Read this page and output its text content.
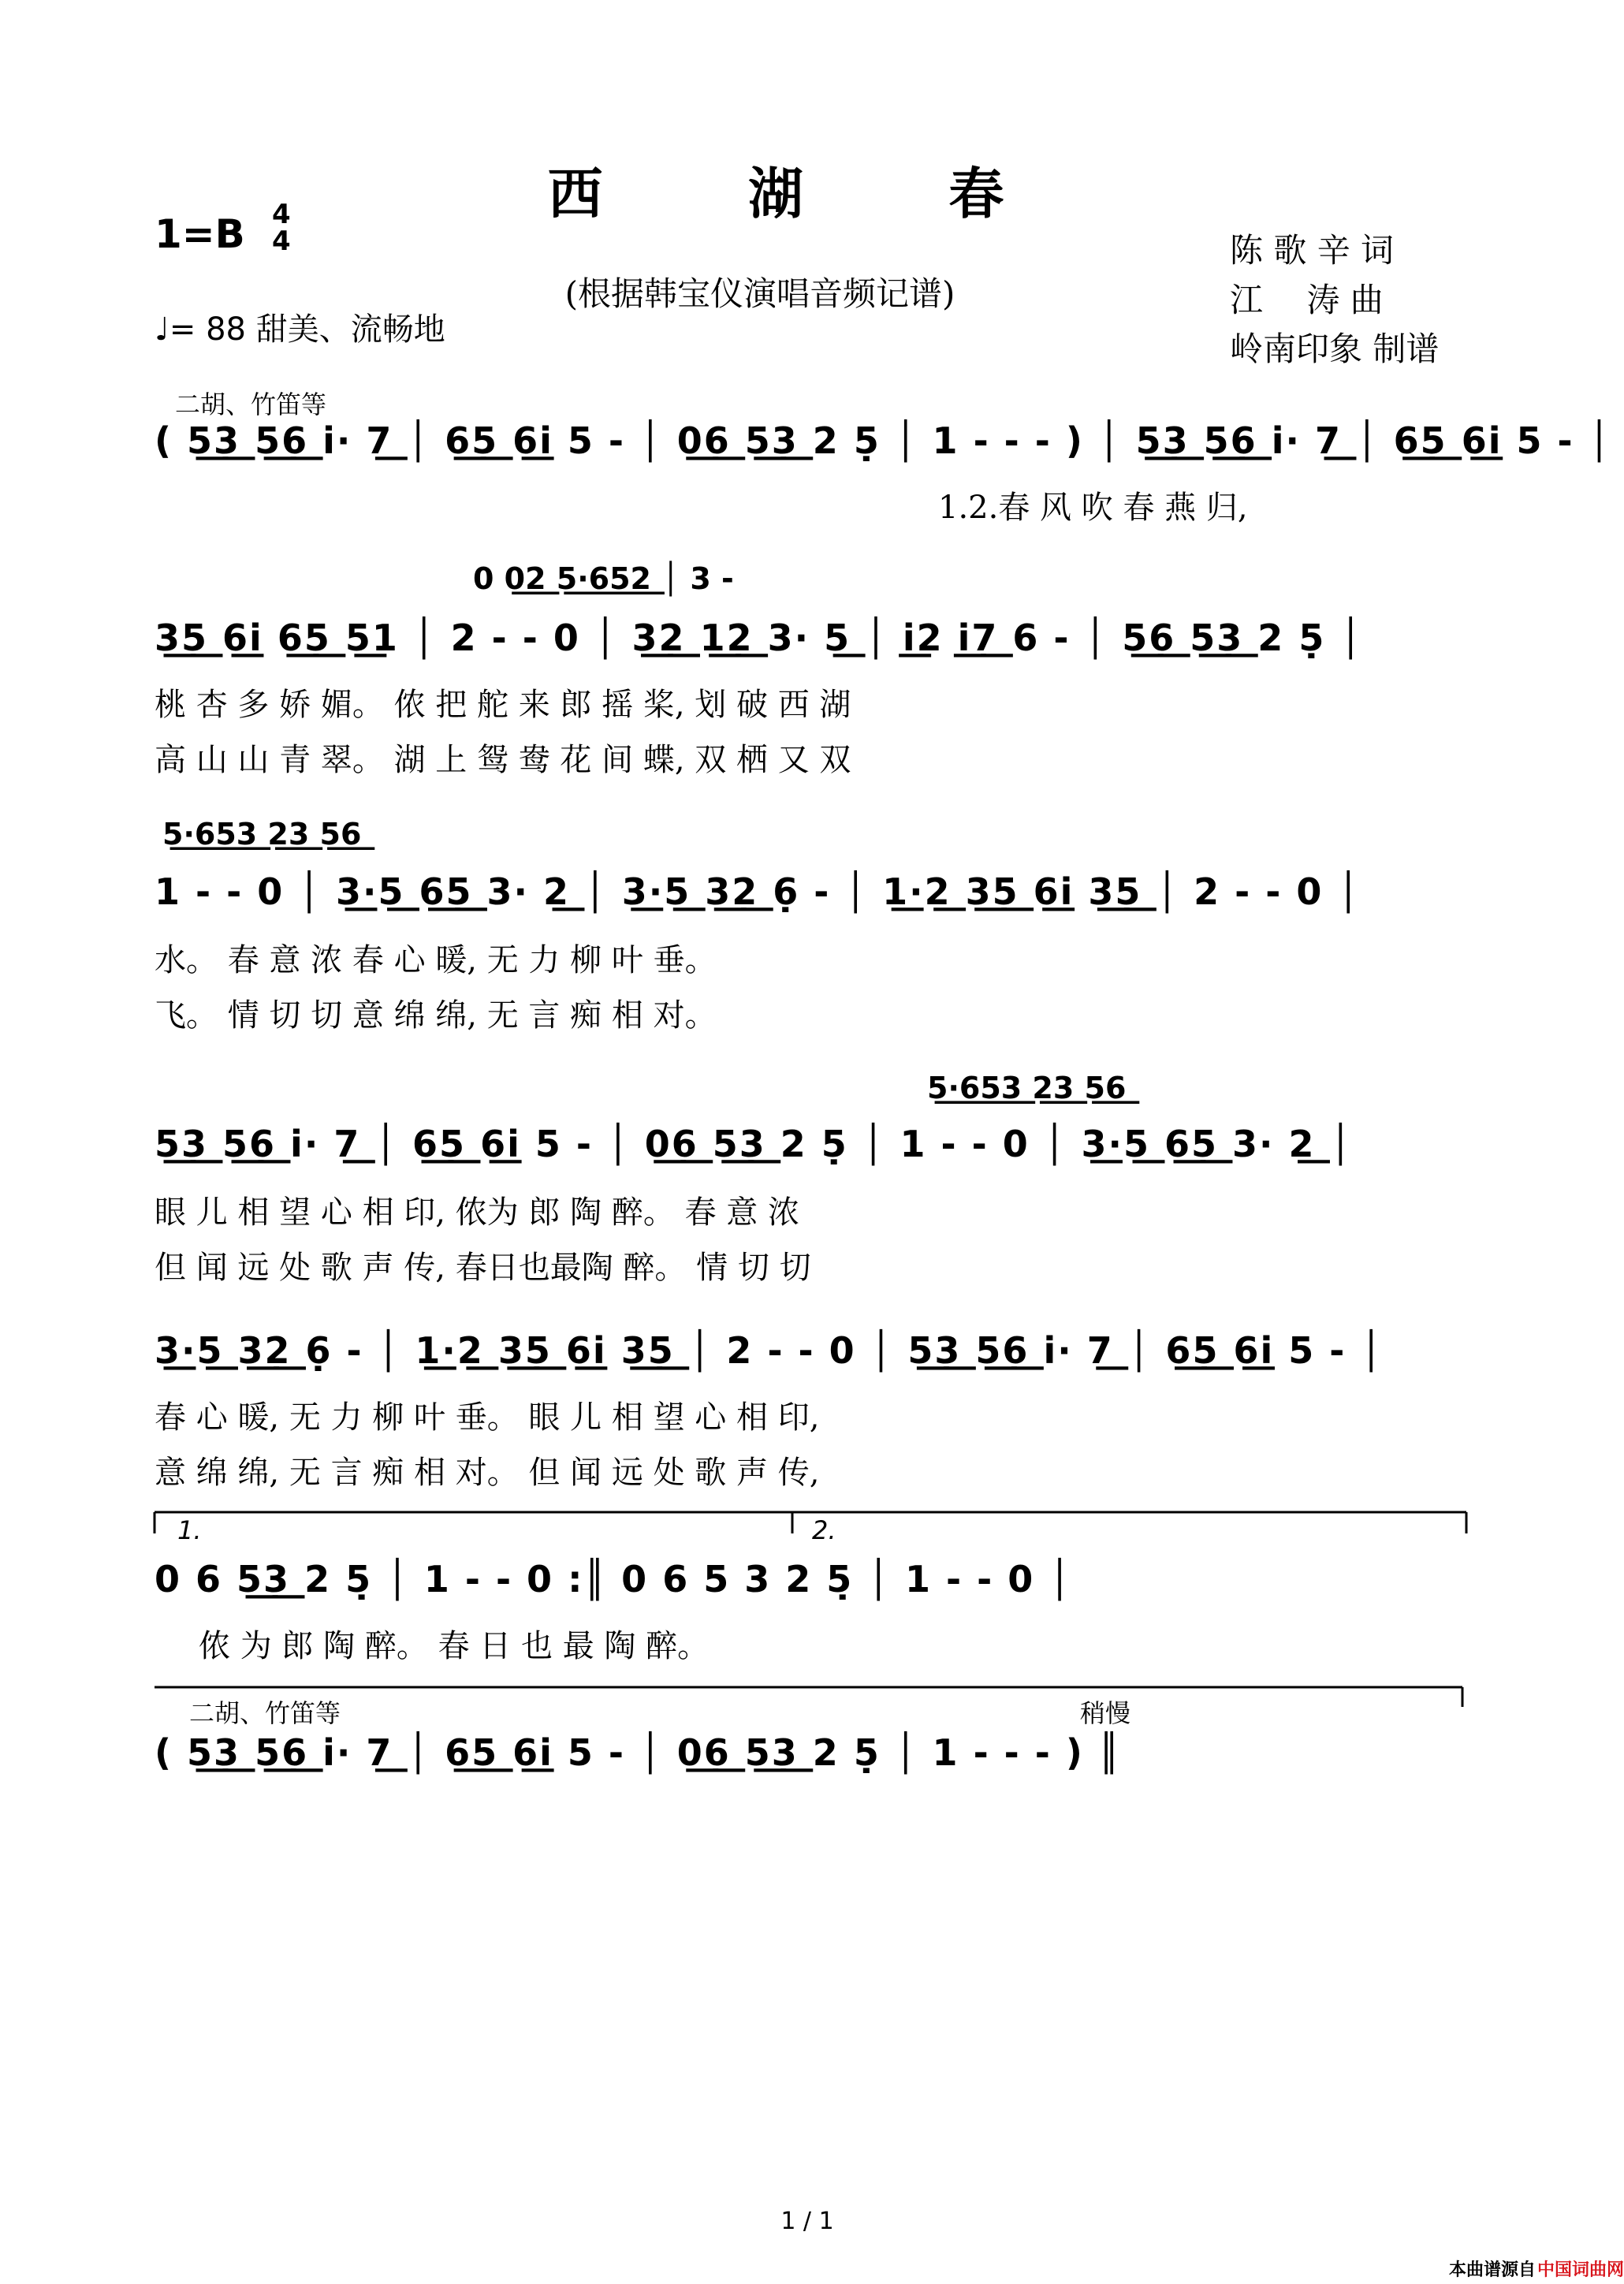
西 湖 春
1=B 4
4
♩= 88 甜美、流畅地
(根据韩宝仪演唱音频记谱)
陈 歌 辛 词
江　 涛 曲
岭南印象 制谱
二胡、竹笛等
( 5͟3͟ 5͟6͟ i· 7͟ │ 6͟5͟ 6͟i 5 - │ 0͟6͟ 5͟3͟ 2 5̣ │ 1 - - - ) │ 5͟3͟ 5͟6͟ i· 7͟ │ 6͟5͟ 6͟i 5 - │
1.2.春 风 吹 春 燕 归,
0 0͟2͟ 5͟·͟6͟5͟2͟ │ 3 -
3͟5͟ 6͟i 6͟5͟ 5͟1 │ 2 - - 0 │ 3͟2͟ 1͟2͟ 3· 5͟ │ i͟2 i͟7͟ 6 - │ 5͟6͟ 5͟3͟ 2 5̣ │
桃 杏 多 娇 媚。 侬 把 舵 来 郎 摇 桨, 划 破 西 湖
高 山 山 青 翠。 湖 上 鸳 鸯 花 间 蝶, 双 栖 又 双
5͟·͟6͟5͟3͟ 2͟3͟ 5͟6͟
1 - - 0 │ 3͟·5͟ 6͟5͟ 3· 2͟ │ 3͟·5͟ 3͟2͟ 6̣ - │ 1͟·2͟ 3͟5͟ 6͟i 3͟5͟ │ 2 - - 0 │
水。 春 意 浓 春 心 暖, 无 力 柳 叶 垂。
飞。 情 切 切 意 绵 绵, 无 言 痴 相 对。
5͟·͟6͟5͟3͟ 2͟3͟ 5͟6͟
5͟3͟ 5͟6͟ i· 7͟ │ 6͟5͟ 6͟i 5 - │ 0͟6͟ 5͟3͟ 2 5̣ │ 1 - - 0 │ 3͟·5͟ 6͟5͟ 3· 2͟ │
眼 儿 相 望 心 相 印, 侬为 郎 陶 醉。 春 意 浓
但 闻 远 处 歌 声 传, 春日也最陶 醉。 情 切 切
3͟·5͟ 3͟2͟ 6̣ - │ 1͟·2͟ 3͟5͟ 6͟i 3͟5͟ │ 2 - - 0 │ 5͟3͟ 5͟6͟ i· 7͟ │ 6͟5͟ 6͟i 5 - │
春 心 暖, 无 力 柳 叶 垂。 眼 儿 相 望 心 相 印,
意 绵 绵, 无 言 痴 相 对。 但 闻 远 处 歌 声 传,
1.	2.
0 6 5͟3͟ 2 5̣ │ 1 - - 0 :║ 0 6 5 3 2 5̣ │ 1 - - 0 │
侬 为 郎 陶 醉。 春 日 也 最 陶 醉。
二胡、竹笛等	稍慢
( 5͟3͟ 5͟6͟ i· 7͟ │ 6͟5͟ 6͟i 5 - │ 0͟6͟ 5͟3͟ 2 5̣ │ 1 - - - ) ║
1 / 1
本曲谱源自 中国词曲网
